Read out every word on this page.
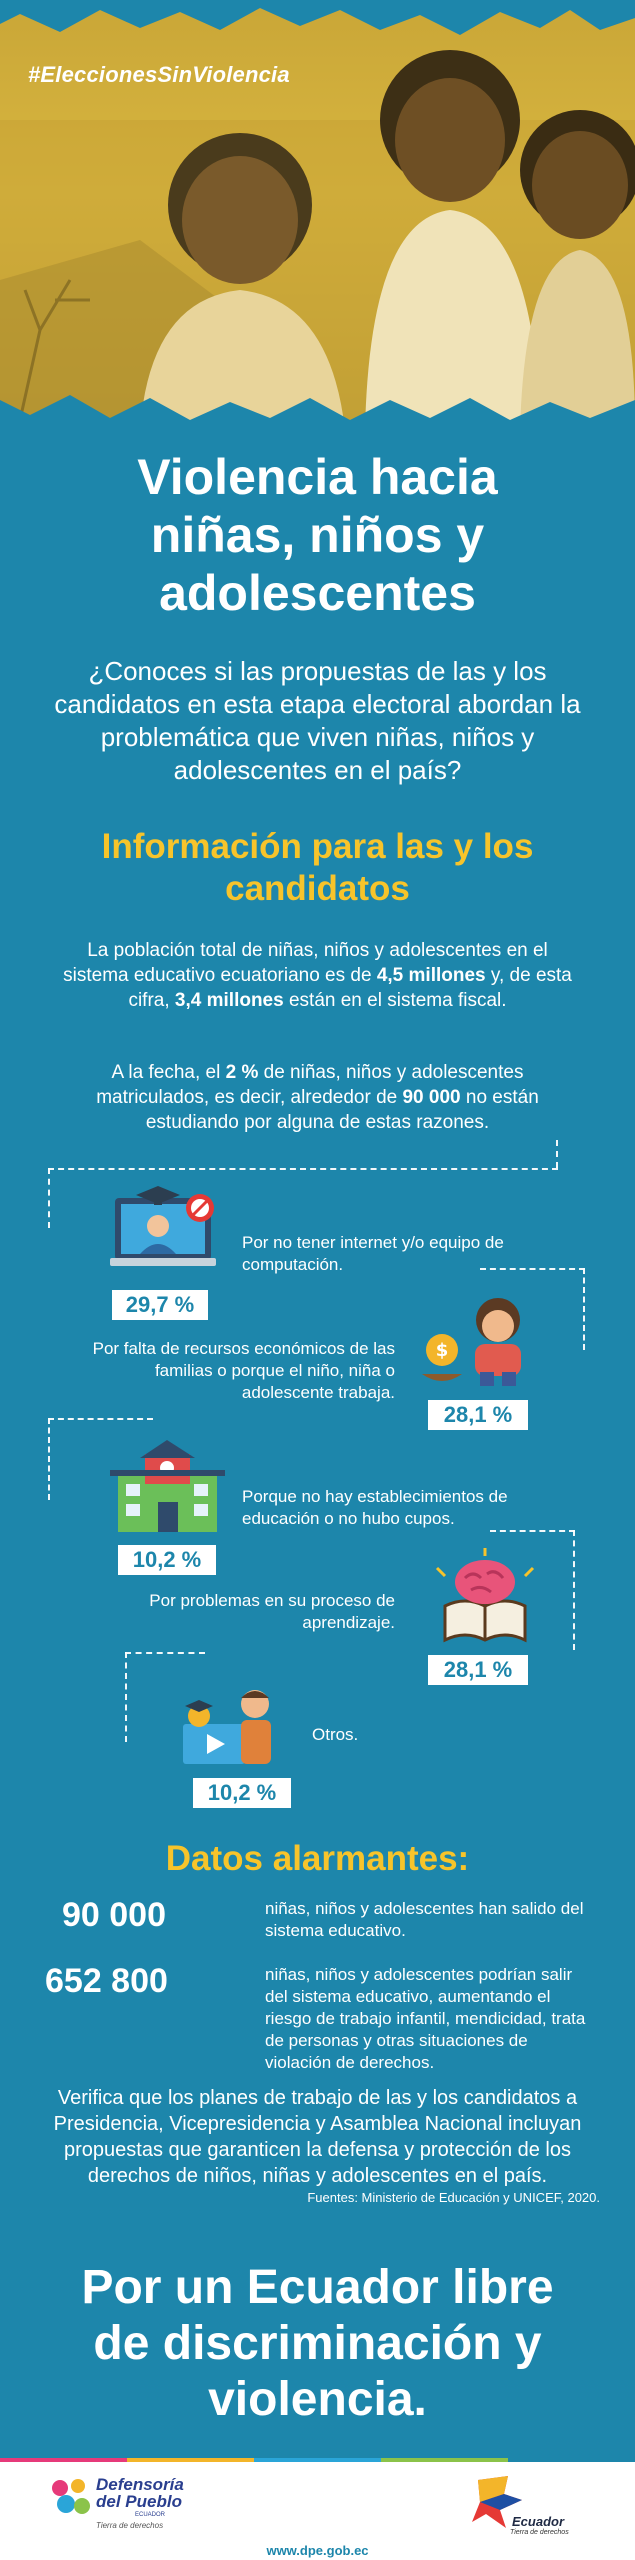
#EleccionesSinViolencia
Violencia hacia
niñas, niños y
adolescentes
¿Conoces si las propuestas de las y los candidatos en esta etapa electoral abordan la problemática que viven niñas, niños y adolescentes en el país?
Información para las y los
candidatos
La población total de niñas, niños y adolescentes en el sistema educativo ecuatoriano es de 4,5 millones y, de esta cifra, 3,4 millones están en el sistema fiscal.
A la fecha, el 2 % de niñas, niños y adolescentes matriculados, es decir, alrededor de 90 000 no están estudiando por alguna de estas razones.
29,7 %
Por no tener internet y/o equipo de computación.
Por falta de recursos económicos de las familias o porque el niño, niña o adolescente trabaja.
$
28,1 %
10,2 %
Porque no hay establecimientos de educación o no hubo cupos.
Por problemas en su proceso de aprendizaje.
28,1 %
10,2 %
Otros.
Datos alarmantes:
90 000	niñas, niños y adolescentes han salido del sistema educativo.
652 800	niñas, niños y adolescentes podrían salir del sistema educativo, aumentando el riesgo de trabajo infantil, mendicidad, trata de personas y otras situaciones de violación de derechos.
Verifica que los planes de trabajo de las y los candidatos a Presidencia, Vicepresidencia y Asamblea Nacional incluyan propuestas que garanticen la defensa y protección de los derechos de niños, niñas y adolescentes en el país.
Fuentes: Ministerio de Educación y UNICEF, 2020.
Por un Ecuador libre
de discriminación y
violencia.
Defensoría
del Pueblo
ECUADOR
Tierra de derechos	Ecuador
Tierra de derechos
www.dpe.gob.ec
